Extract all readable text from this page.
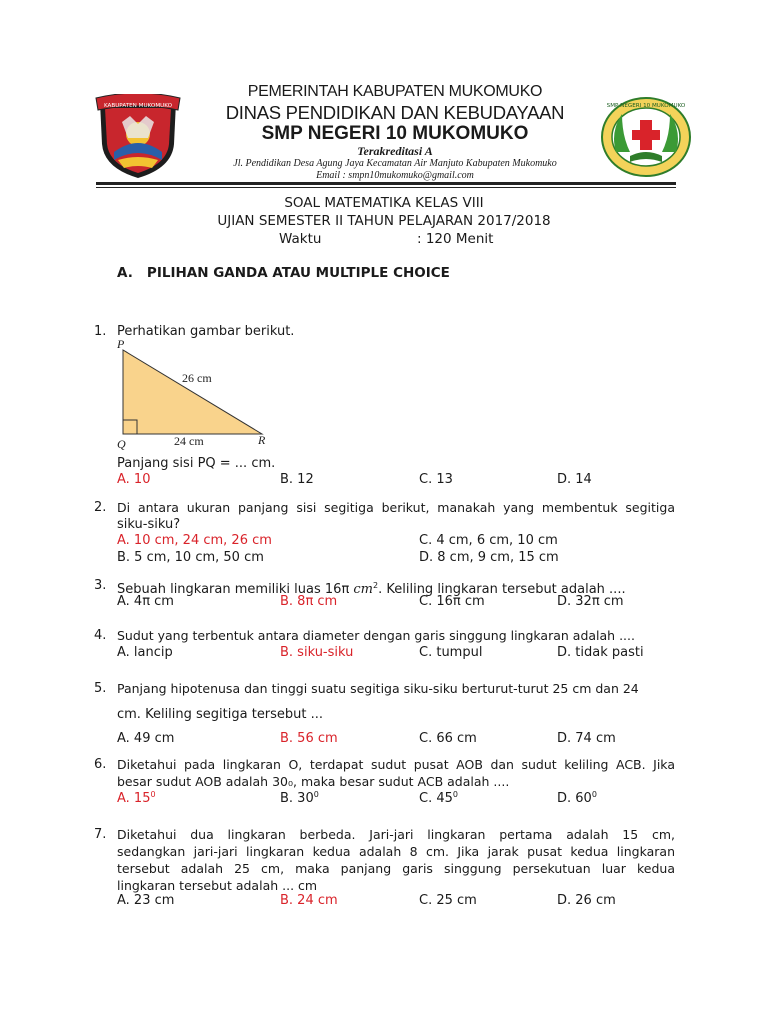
KABUPATEN MUKOMUKO	SMP NEGERI 10 MUKOMUKO
PEMERINTAH KABUPATEN MUKOMUKO
DINAS PENDIDIKAN DAN KEBUDAYAAN
SMP NEGERI 10 MUKOMUKO
Terakreditasi A
Jl. Pendidikan Desa Agung Jaya Kecamatan Air Manjuto Kabupaten Mukomuko
Email : smpn10mukomuko@gmail.com
SOAL MATEMATIKA KELAS VIII
UJIAN SEMESTER II TAHUN PELAJARAN 2017/2018
Waktu	: 120 Menit
A.   PILIHAN GANDA ATAU MULTIPLE CHOICE
1. Perhatikan gambar berikut.
P
Q	R
26 cm
24 cm
Panjang sisi PQ = ... cm.
A. 10	B. 12	C. 13	D. 14
2. Di antara ukuran panjang sisi segitiga berikut, manakah yang membentuk segitiga
siku-siku?
A. 10 cm, 24 cm, 26 cm	C. 4 cm, 6 cm, 10 cm
B. 5 cm, 10 cm, 50 cm	D. 8 cm, 9 cm, 15 cm
3. Sebuah lingkaran memiliki luas 16π $cm^2$. Keliling lingkaran tersebut adalah ....
A. 4π cm	B. 8π cm	C. 16π cm	D. 32π cm
4. Sudut yang terbentuk antara diameter dengan garis singgung lingkaran adalah ....
A. lancip	B. siku-siku	C. tumpul	D. tidak pasti
5. Panjang hipotenusa dan tinggi suatu segitiga siku-siku berturut-turut 25 cm dan 24
cm. Keliling segitiga tersebut ...
A. 49 cm	B. 56 cm	C. 66 cm	D. 74 cm
6. Diketahui pada lingkaran O, terdapat sudut pusat AOB dan sudut keliling ACB. Jika
besar sudut AOB adalah 30₀, maka besar sudut ACB adalah ....
A. $15^0$	B. $30^0$	C. $45^0$	D. $60^0$
7. Diketahui dua lingkaran berbeda. Jari-jari lingkaran pertama adalah 15 cm,
sedangkan jari-jari lingkaran kedua adalah 8 cm. Jika jarak pusat kedua lingkaran
tersebut adalah 25 cm, maka panjang garis singgung persekutuan luar kedua
lingkaran tersebut adalah ... cm
A. 23 cm	B. 24 cm	C. 25 cm	D. 26 cm
